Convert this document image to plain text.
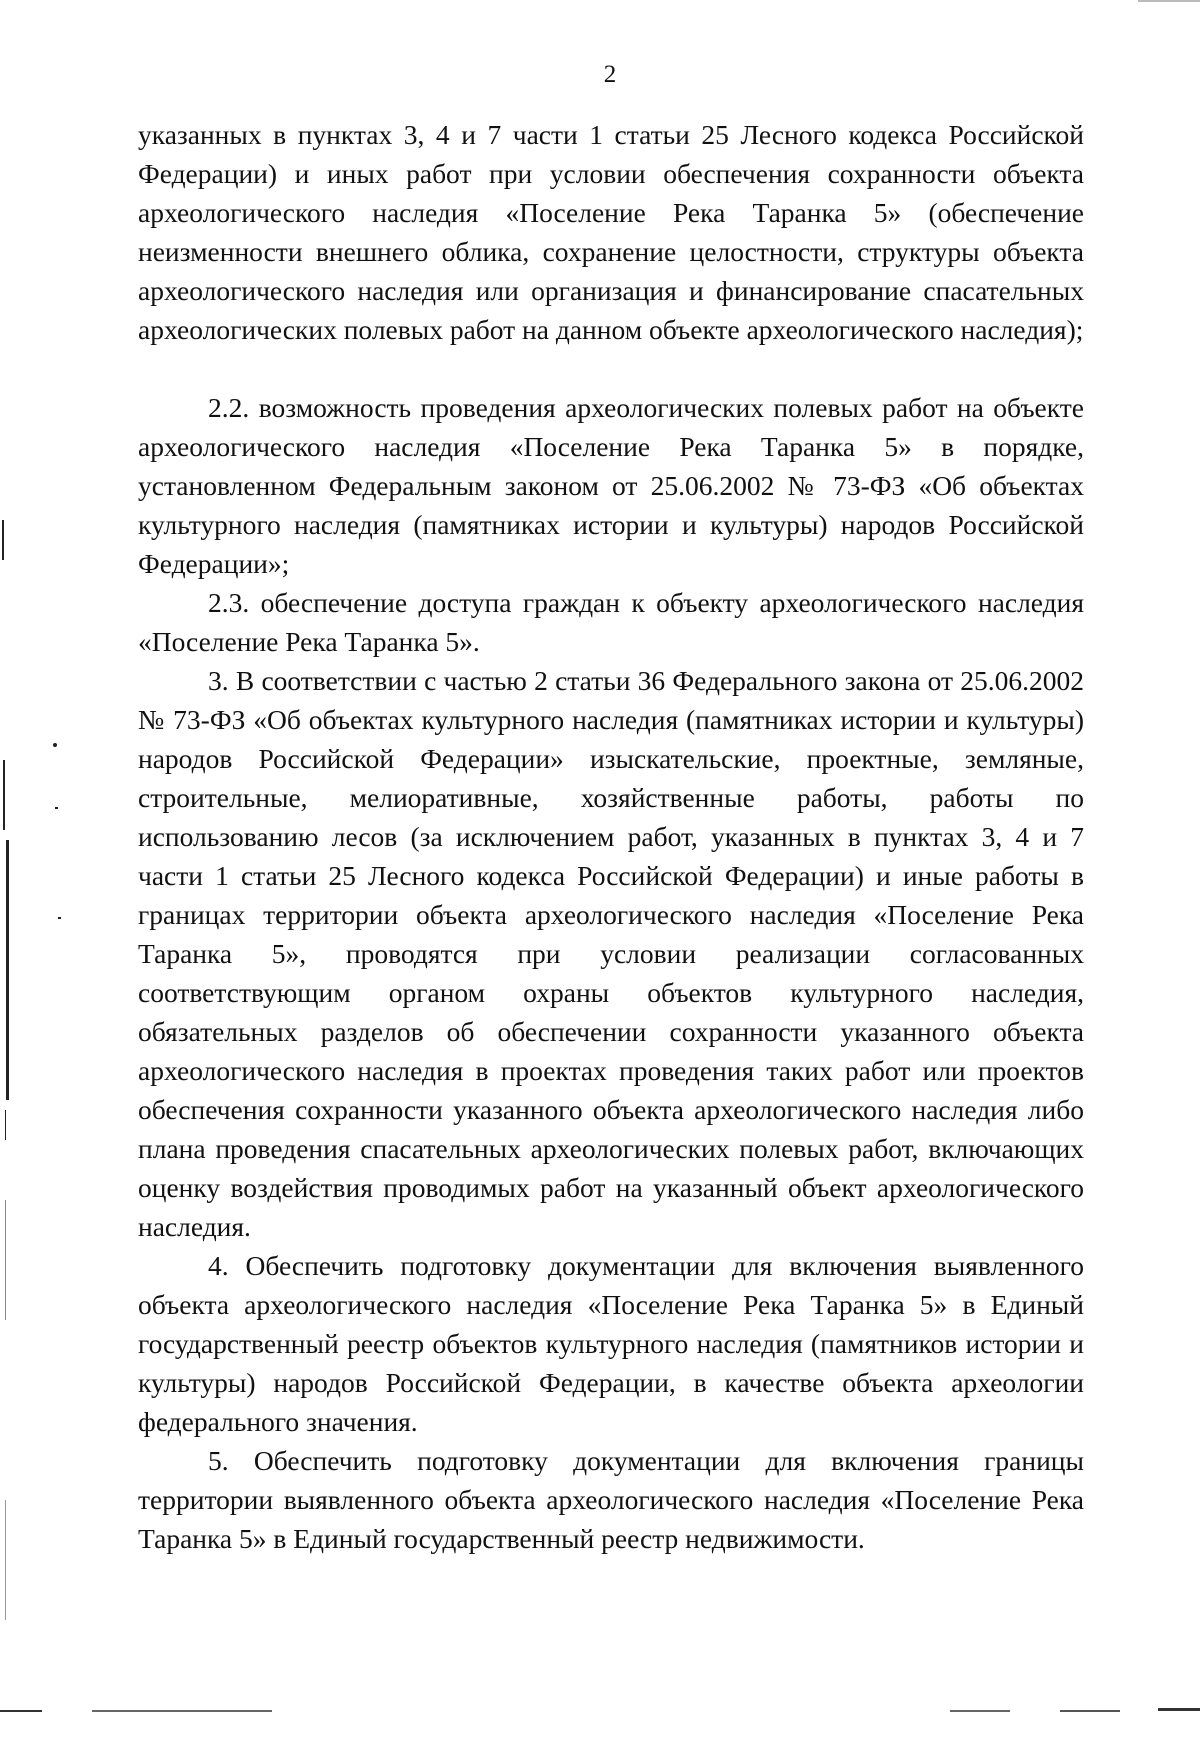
2

указанных в пунктах 3, 4 и 7 части 1 статьи 25 Лесного кодекса Российской Федерации) и иных работ при условии обеспечения сохранности объекта археологического наследия «Поселение Река Таранка 5» (обеспечение неизменности внешнего облика, сохранение целостности, структуры объекта археологического наследия или организация и финансирование спасательных археологических полевых работ на данном объекте археологического наследия);

2.2. возможность проведения археологических полевых работ на объекте археологического наследия «Поселение Река Таранка 5» в порядке, установленном Федеральным законом от 25.06.2002 № 73-ФЗ «Об объектах культурного наследия (памятниках истории и культуры) народов Российской Федерации»;

2.3. обеспечение доступа граждан к объекту археологического наследия «Поселение Река Таранка 5».

3. В соответствии с частью 2 статьи 36 Федерального закона от 25.06.2002 № 73-ФЗ «Об объектах культурного наследия (памятниках истории и культуры) народов Российской Федерации» изыскательские, проектные, земляные, строительные, мелиоративные, хозяйственные работы, работы по использованию лесов (за исключением работ, указанных в пунктах 3, 4 и 7 части 1 статьи 25 Лесного кодекса Российской Федерации) и иные работы в границах территории объекта археологического наследия «Поселение Река Таранка 5», проводятся при условии реализации согласованных соответствующим органом охраны объектов культурного наследия, обязательных разделов об обеспечении сохранности указанного объекта археологического наследия в проектах проведения таких работ или проектов обеспечения сохранности указанного объекта археологического наследия либо плана проведения спасательных археологических полевых работ, включающих оценку воздействия проводимых работ на указанный объект археологического наследия.

4. Обеспечить подготовку документации для включения выявленного объекта археологического наследия «Поселение Река Таранка 5» в Единый государственный реестр объектов культурного наследия (памятников истории и культуры) народов Российской Федерации, в качестве объекта археологии федерального значения.

5. Обеспечить подготовку документации для включения границы территории выявленного объекта археологического наследия «Поселение Река Таранка 5» в Единый государственный реестр недвижимости.
